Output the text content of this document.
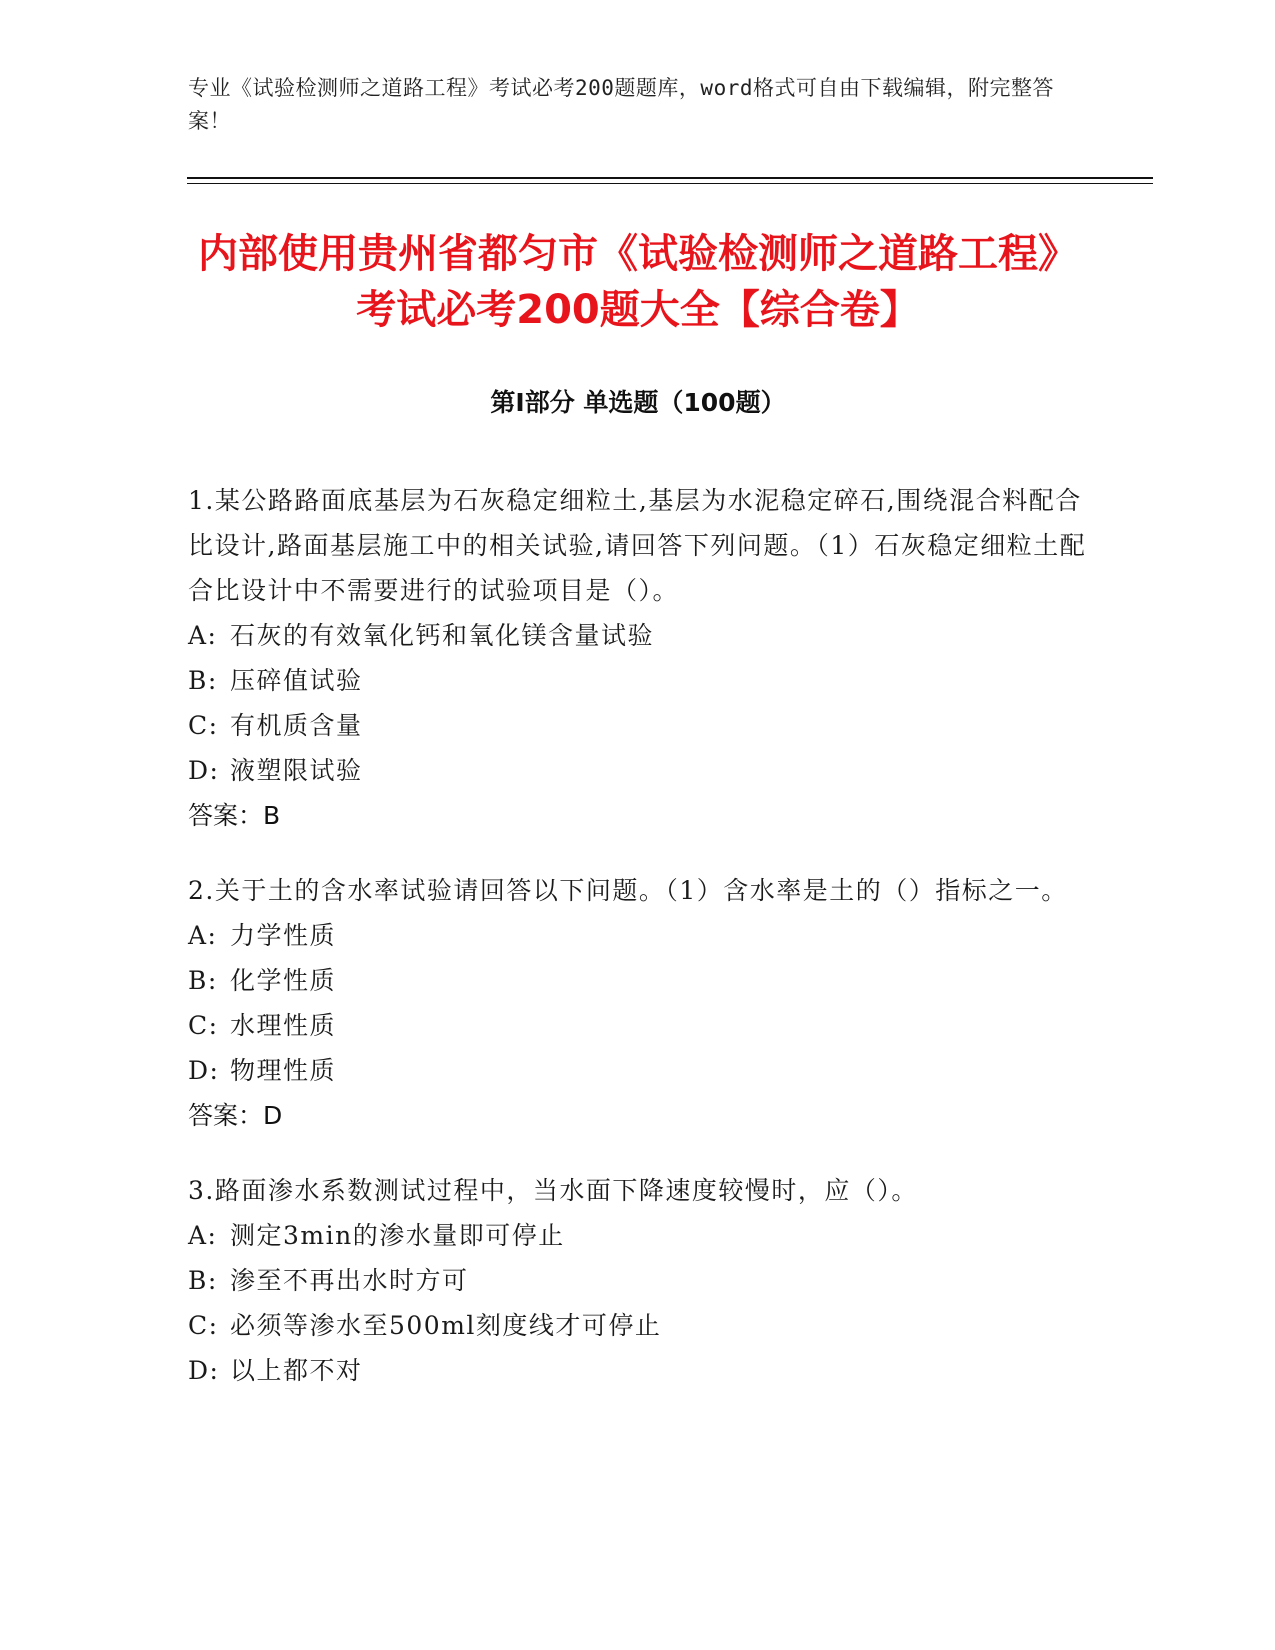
专业《试验检测师之道路工程》考试必考200题题库，word格式可自由下载编辑，附完整答案！
内部使用贵州省都匀市《试验检测师之道路工程》考试必考200题大全【综合卷】
第I部分 单选题（100题）

1.某公路路面底基层为石灰稳定细粒土,基层为水泥稳定碎石,围绕混合料配合比设计,路面基层施工中的相关试验,请回答下列问题。（1）石灰稳定细粒土配合比设计中不需要进行的试验项目是（）。

A: 石灰的有效氧化钙和氧化镁含量试验

B: 压碎值试验

C: 有机质含量

D: 液塑限试验

答案：B

2.关于土的含水率试验请回答以下问题。（1）含水率是土的（）指标之一。

A: 力学性质

B: 化学性质

C: 水理性质

D: 物理性质

答案：D

3.路面渗水系数测试过程中，当水面下降速度较慢时，应（）。

A: 测定3min的渗水量即可停止

B: 渗至不再出水时方可

C: 必须等渗水至500ml刻度线才可停止

D: 以上都不对
